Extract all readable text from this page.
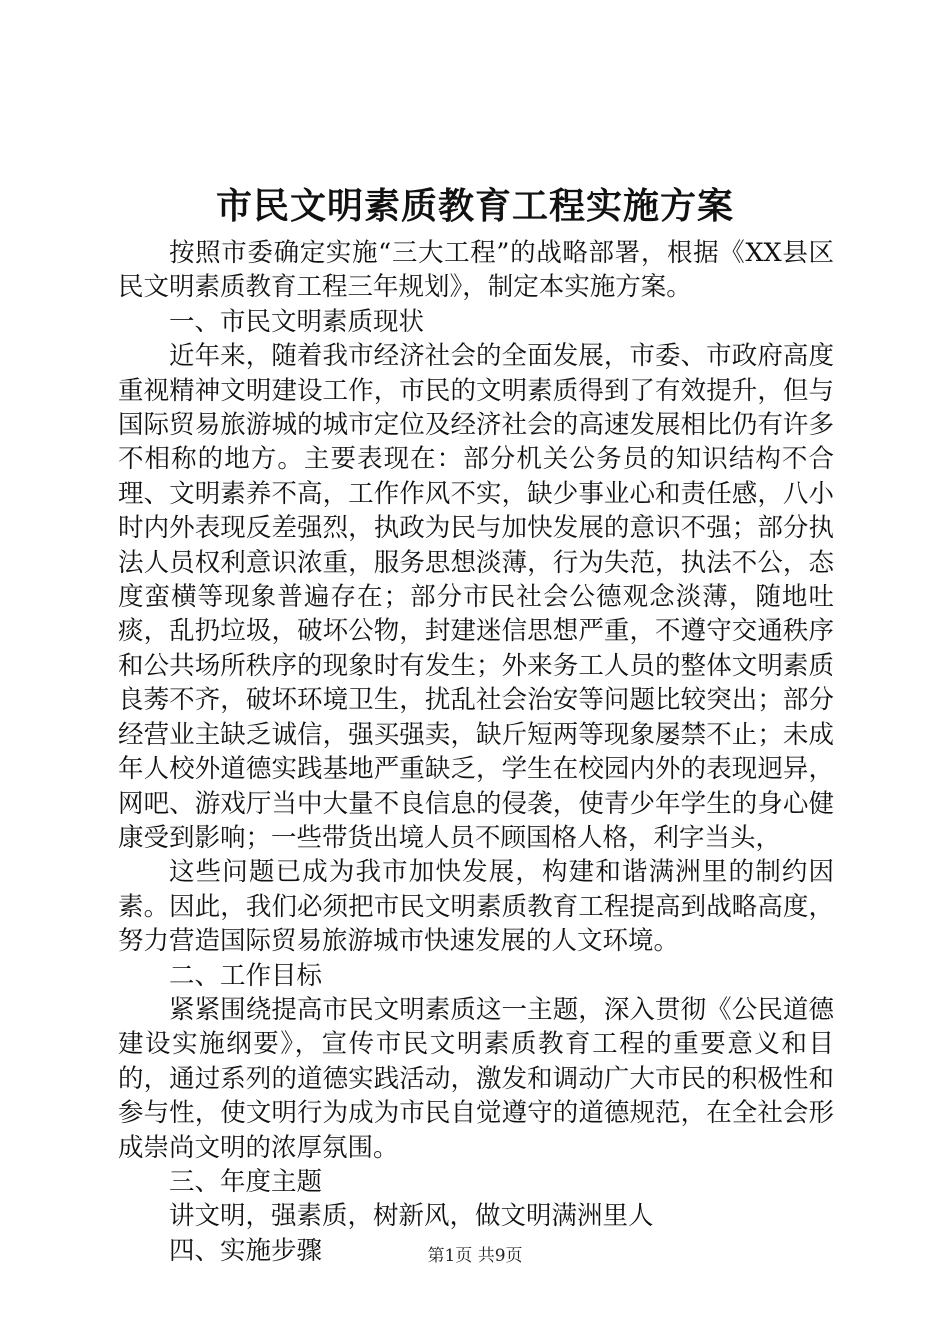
市民文明素质教育工程实施方案

按照市委确定实施“三大工程”的战略部署，根据《XX县区民文明素质教育工程三年规划》，制定本实施方案。

一、市民文明素质现状

近年来，随着我市经济社会的全面发展，市委、市政府高度重视精神文明建设工作，市民的文明素质得到了有效提升，但与国际贸易旅游城的城市定位及经济社会的高速发展相比仍有许多不相称的地方。主要表现在：部分机关公务员的知识结构不合理、文明素养不高，工作作风不实，缺少事业心和责任感，八小时内外表现反差强烈，执政为民与加快发展的意识不强；部分执法人员权利意识浓重，服务思想淡薄，行为失范，执法不公，态度蛮横等现象普遍存在；部分市民社会公德观念淡薄，随地吐痰，乱扔垃圾，破坏公物，封建迷信思想严重，不遵守交通秩序和公共场所秩序的现象时有发生；外来务工人员的整体文明素质良莠不齐，破坏环境卫生，扰乱社会治安等问题比较突出；部分经营业主缺乏诚信，强买强卖，缺斤短两等现象屡禁不止；未成年人校外道德实践基地严重缺乏，学生在校园内外的表现迥异，网吧、游戏厅当中大量不良信息的侵袭，使青少年学生的身心健康受到影响；一些带货出境人员不顾国格人格，利字当头，

这些问题已成为我市加快发展，构建和谐满洲里的制约因素。因此，我们必须把市民文明素质教育工程提高到战略高度，努力营造国际贸易旅游城市快速发展的人文环境。

二、工作目标

紧紧围绕提高市民文明素质这一主题，深入贯彻《公民道德建设实施纲要》，宣传市民文明素质教育工程的重要意义和目的，通过系列的道德实践活动，激发和调动广大市民的积极性和参与性，使文明行为成为市民自觉遵守的道德规范，在全社会形成崇尚文明的浓厚氛围。

三、年度主题

讲文明，强素质，树新风，做文明满洲里人

四、实施步骤	第1页 共9页
